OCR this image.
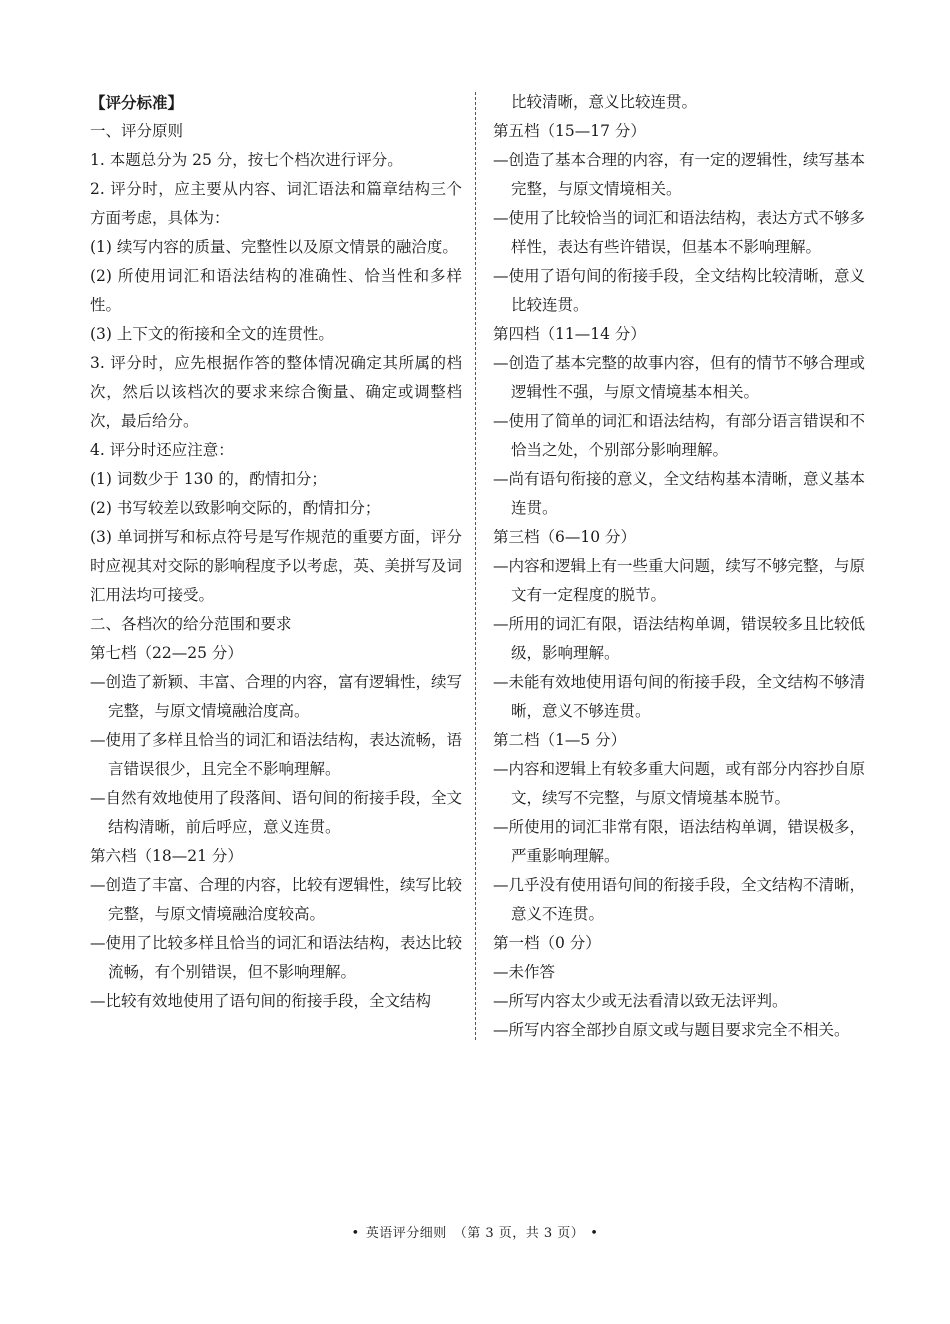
【评分标准】
一、评分原则
1. 本题总分为 25 分，按七个档次进行评分。
2. 评分时，应主要从内容、词汇语法和篇章结构三个方面考虑，具体为：
(1) 续写内容的质量、完整性以及原文情景的融洽度。
(2) 所使用词汇和语法结构的准确性、恰当性和多样性。
(3) 上下文的衔接和全文的连贯性。
3. 评分时，应先根据作答的整体情况确定其所属的档次，然后以该档次的要求来综合衡量、确定或调整档次，最后给分。
4. 评分时还应注意：
(1) 词数少于 130 的，酌情扣分；
(2) 书写较差以致影响交际的，酌情扣分；
(3) 单词拼写和标点符号是写作规范的重要方面，评分时应视其对交际的影响程度予以考虑，英、美拼写及词汇用法均可接受。
二、各档次的给分范围和要求
第七档（22—25 分）
—创造了新颖、丰富、合理的内容，富有逻辑性，续写完整，与原文情境融洽度高。
—使用了多样且恰当的词汇和语法结构，表达流畅，语言错误很少，且完全不影响理解。
—自然有效地使用了段落间、语句间的衔接手段，全文结构清晰，前后呼应，意义连贯。
第六档（18—21 分）
—创造了丰富、合理的内容，比较有逻辑性，续写比较完整，与原文情境融洽度较高。
—使用了比较多样且恰当的词汇和语法结构，表达比较流畅，有个别错误，但不影响理解。
—比较有效地使用了语句间的衔接手段，全文结构
比较清晰，意义比较连贯。
第五档（15—17 分）
—创造了基本合理的内容，有一定的逻辑性，续写基本完整，与原文情境相关。
—使用了比较恰当的词汇和语法结构，表达方式不够多样性，表达有些许错误，但基本不影响理解。
—使用了语句间的衔接手段，全文结构比较清晰，意义比较连贯。
第四档（11—14 分）
—创造了基本完整的故事内容，但有的情节不够合理或逻辑性不强，与原文情境基本相关。
—使用了简单的词汇和语法结构，有部分语言错误和不恰当之处，个别部分影响理解。
—尚有语句衔接的意义，全文结构基本清晰，意义基本连贯。
第三档（6—10 分）
—内容和逻辑上有一些重大问题，续写不够完整，与原文有一定程度的脱节。
—所用的词汇有限，语法结构单调，错误较多且比较低级，影响理解。
—未能有效地使用语句间的衔接手段，全文结构不够清晰，意义不够连贯。
第二档（1—5 分）
—内容和逻辑上有较多重大问题，或有部分内容抄自原文，续写不完整，与原文情境基本脱节。
—所使用的词汇非常有限，语法结构单调，错误极多，严重影响理解。
—几乎没有使用语句间的衔接手段，全文结构不清晰，意义不连贯。
第一档（0 分）
—未作答
—所写内容太少或无法看清以致无法评判。
—所写内容全部抄自原文或与题目要求完全不相关。
• 英语评分细则　（第 3 页，共 3 页） •
